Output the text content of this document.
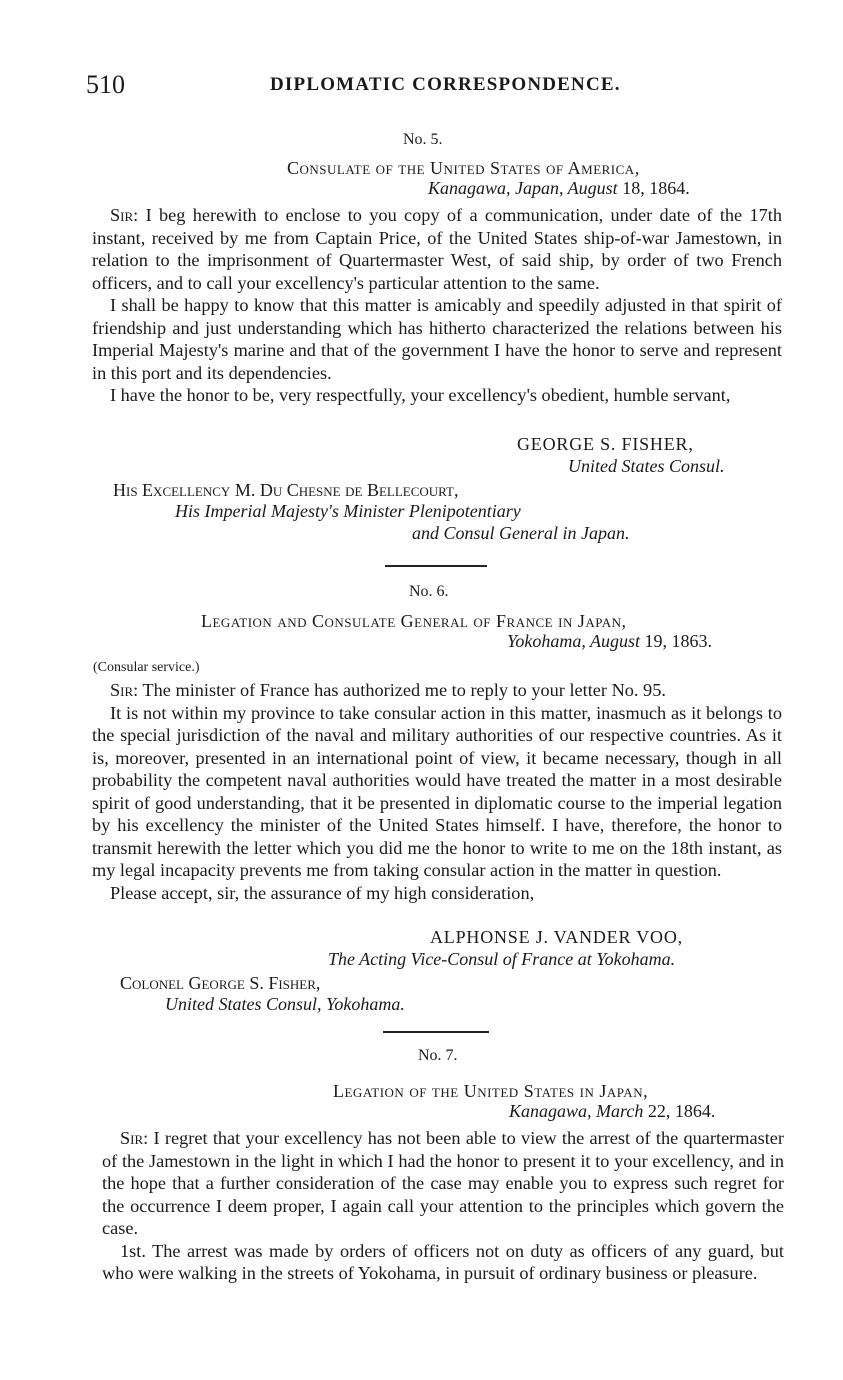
510	DIPLOMATIC CORRESPONDENCE.
No. 5.
Consulate of the United States of America,
Kanagawa, Japan, August 18, 1864.

Sir: I beg herewith to enclose to you copy of a communication, under date of the 17th instant, received by me from Captain Price, of the United States ship-of-war Jamestown, in relation to the imprisonment of Quartermaster West, of said ship, by order of two French officers, and to call your excellency's particular attention to the same.

I shall be happy to know that this matter is amicably and speedily adjusted in that spirit of friendship and just understanding which has hitherto characterized the relations between his Imperial Majesty's marine and that of the government I have the honor to serve and represent in this port and its dependencies.

I have the honor to be, very respectfully, your excellency's obedient, humble servant,

GEORGE S. FISHER,
United States Consul.
His Excellency M. Du Chesne de Bellecourt,
His Imperial Majesty's Minister Plenipotentiary
and Consul General in Japan.
No. 6.
Legation and Consulate General of France in Japan,
Yokohama, August 19, 1863.
(Consular service.)

Sir: The minister of France has authorized me to reply to your letter No. 95.

It is not within my province to take consular action in this matter, inasmuch as it belongs to the special jurisdiction of the naval and military authorities of our respective countries. As it is, moreover, presented in an international point of view, it became necessary, though in all probability the competent naval authorities would have treated the matter in a most desirable spirit of good understanding, that it be presented in diplomatic course to the imperial legation by his excellency the minister of the United States himself. I have, therefore, the honor to transmit herewith the letter which you did me the honor to write to me on the 18th instant, as my legal incapacity prevents me from taking consular action in the matter in question.

Please accept, sir, the assurance of my high consideration,

ALPHONSE J. VANDER VOO,
The Acting Vice-Consul of France at Yokohama.
Colonel George S. Fisher,
United States Consul, Yokohama.
No. 7.
Legation of the United States in Japan,
Kanagawa, March 22, 1864.

Sir: I regret that your excellency has not been able to view the arrest of the quartermaster of the Jamestown in the light in which I had the honor to present it to your excellency, and in the hope that a further consideration of the case may enable you to express such regret for the occurrence I deem proper, I again call your attention to the principles which govern the case.

1st. The arrest was made by orders of officers not on duty as officers of any guard, but who were walking in the streets of Yokohama, in pursuit of ordinary business or pleasure.
